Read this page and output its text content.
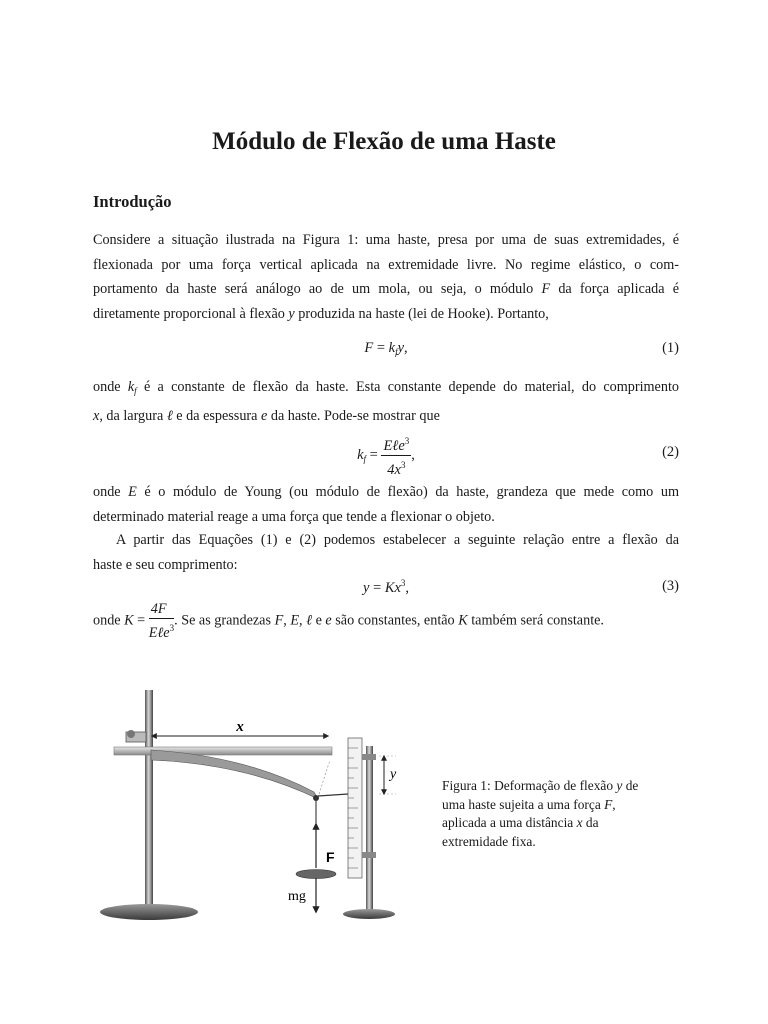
Módulo de Flexão de uma Haste
Introdução
Considere a situação ilustrada na Figura 1: uma haste, presa por uma de suas extremidades, é
flexionada por uma força vertical aplicada na extremidade livre. No regime elástico, o com-
portamento da haste será análogo ao de um mola, ou seja, o módulo F da força aplicada é
diretamente proporcional à flexão y produzida na haste (lei de Hooke). Portanto,
$F = k_fy$,	(1)
onde $k_f$ é a constante de flexão da haste. Esta constante depende do material, do comprimento
x, da largura ℓ e da espessura e da haste. Pode-se mostrar que
$k_f = \frac{E\ell e^3}{4x^3}$ ,	(2)
onde E é o módulo de Young (ou módulo de flexão) da haste, grandeza que mede como um
determinado material reage a uma força que tende a flexionar o objeto.
A partir das Equações (1) e (2) podemos estabelecer a seguinte relação entre a flexão da
haste e seu comprimento:
$y = Kx^3$,	(3)
onde $K = \frac{4F}{E\ell e^3}$ . Se as grandezas F, E, ℓ e e são constantes, então K também será constante.
x
y
F
mg

Figura 1: Deformação de flexão y de uma haste sujeita a uma força F, aplicada a uma distância x da extremidade fixa.
